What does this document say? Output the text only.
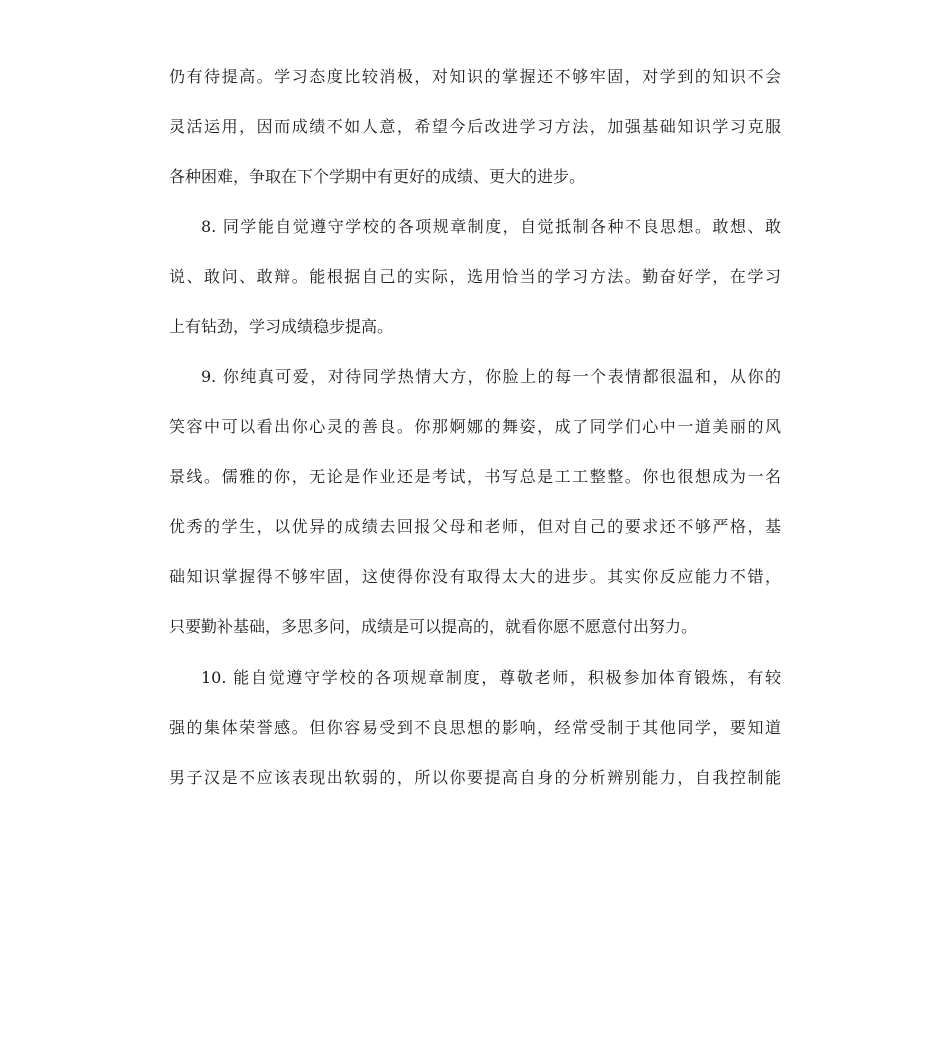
仍有待提高。学习态度比较消极，对知识的掌握还不够牢固，对学到的知识不会
灵活运用，因而成绩不如人意，希望今后改进学习方法，加强基础知识学习克服
各种困难，争取在下个学期中有更好的成绩、更大的进步。
8. 同学能自觉遵守学校的各项规章制度，自觉抵制各种不良思想。敢想、敢
说、敢问、敢辩。能根据自己的实际，选用恰当的学习方法。勤奋好学，在学习
上有钻劲，学习成绩稳步提高。
9. 你纯真可爱，对待同学热情大方，你脸上的每一个表情都很温和，从你的
笑容中可以看出你心灵的善良。你那婀娜的舞姿，成了同学们心中一道美丽的风
景线。儒雅的你，无论是作业还是考试，书写总是工工整整。你也很想成为一名
优秀的学生，以优异的成绩去回报父母和老师，但对自己的要求还不够严格，基
础知识掌握得不够牢固，这使得你没有取得太大的进步。其实你反应能力不错，
只要勤补基础，多思多问，成绩是可以提高的，就看你愿不愿意付出努力。
10. 能自觉遵守学校的各项规章制度，尊敬老师，积极参加体育锻炼，有较
强的集体荣誉感。但你容易受到不良思想的影响，经常受制于其他同学，要知道
男子汉是不应该表现出软弱的，所以你要提高自身的分析辨别能力，自我控制能
